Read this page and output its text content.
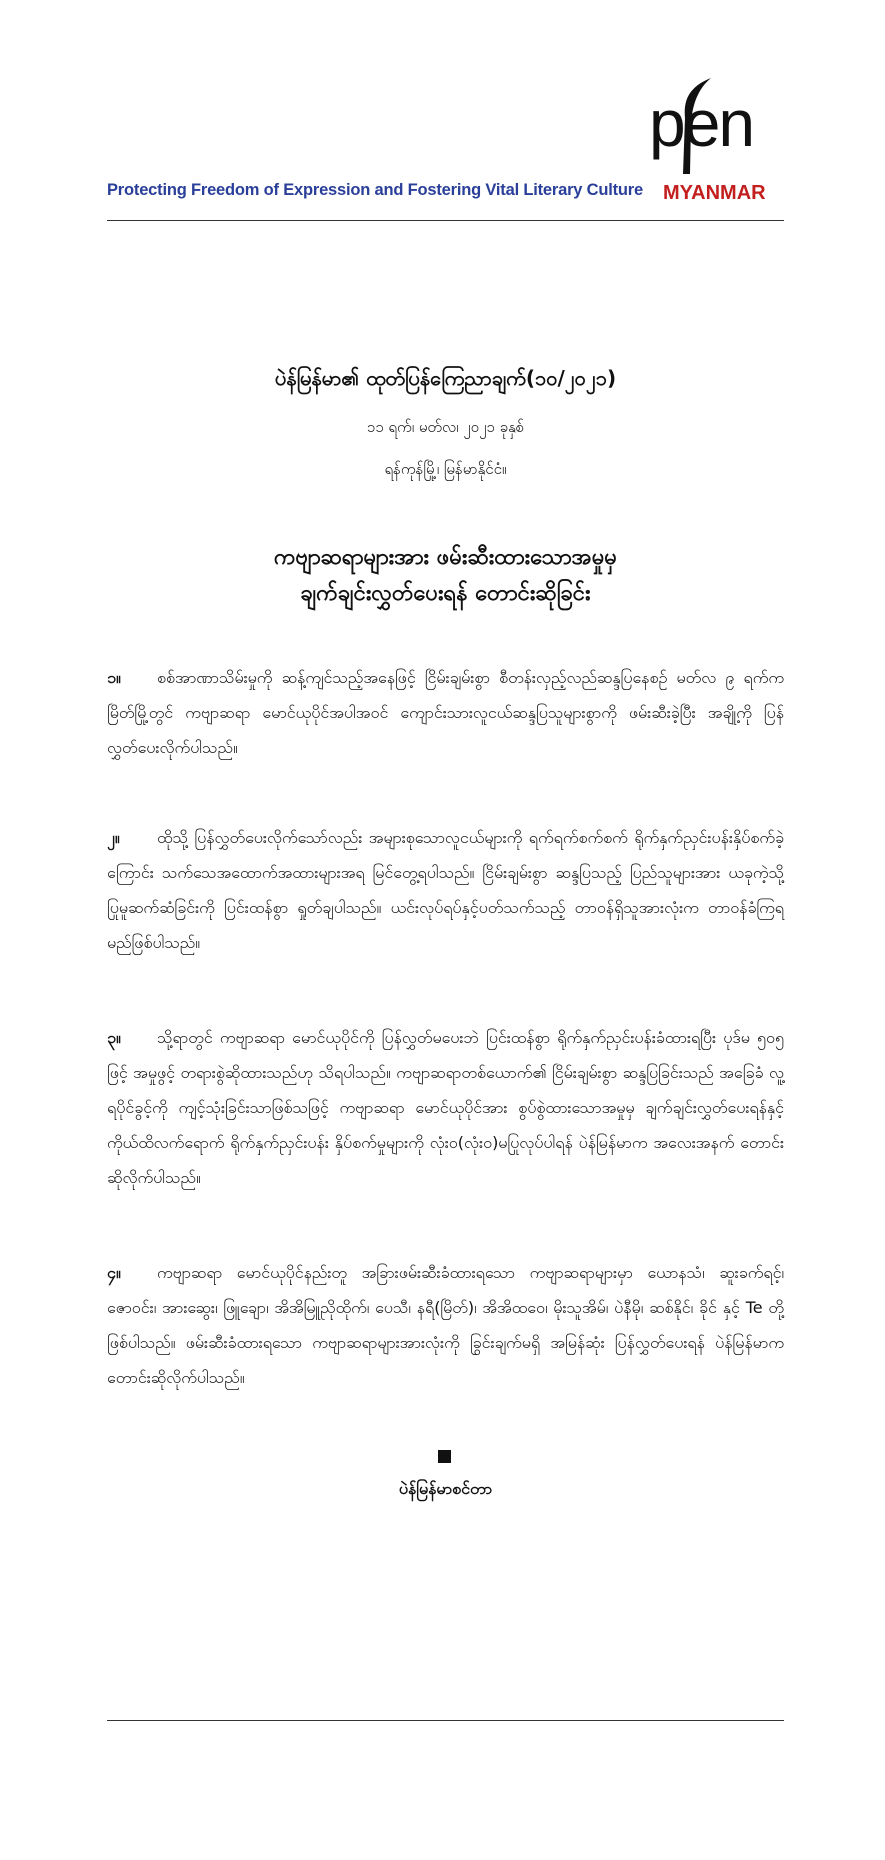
Protecting Freedom of Expression and Fostering Vital Literary Culture
pen
MYANMAR
ပဲန်မြန်မာ၏ ထုတ်ပြန်ကြေညာချက်(၁၀/၂၀၂၁)
၁၁ ရက်၊ မတ်လ၊ ၂၀၂၁ ခုနှစ်
ရန်ကုန်မြို့၊ မြန်မာနိုင်ငံ။
ကဗျာဆရာများအား ဖမ်းဆီးထားသောအမှုမှ
ချက်ချင်းလွှတ်ပေးရန် တောင်းဆိုခြင်း
၁။ စစ်အာဏာသိမ်းမှုကို ဆန့်ကျင်သည့်အနေဖြင့် ငြိမ်းချမ်းစွာ စီတန်းလှည့်လည်ဆန္ဒပြနေစဉ် မတ်လ ၉ ရက်က မြိတ်မြို့တွင် ကဗျာဆရာ မောင်ယုပိုင်အပါအဝင် ကျောင်းသားလူငယ်ဆန္ဒပြသူများစွာကို ဖမ်းဆီးခဲ့ပြီး အချို့ကို ပြန်လွှတ်ပေးလိုက်ပါသည်။
၂။ ထိုသို့ ပြန်လွှတ်ပေးလိုက်သော်လည်း အများစုသောလူငယ်များကို ရက်ရက်စက်စက် ရိုက်နှက်ညှင်းပန်းနှိပ်စက်ခဲ့ကြောင်း သက်သေအထောက်အထားများအရ မြင်တွေ့ရပါသည်။ ငြိမ်းချမ်းစွာ ဆန္ဒပြသည့် ပြည်သူများအား ယခုကဲ့သို့ ပြုမူဆက်ဆံခြင်းကို ပြင်းထန်စွာ ရှုတ်ချပါသည်။ ယင်းလုပ်ရပ်နှင့်ပတ်သက်သည့် တာဝန်ရှိသူအားလုံးက တာဝန်ခံကြရမည်ဖြစ်ပါသည်။
၃။ သို့ရာတွင် ကဗျာဆရာ မောင်ယုပိုင်ကို ပြန်လွှတ်မပေးဘဲ ပြင်းထန်စွာ ရိုက်နှက်ညှင်းပန်းခံထားရပြီး ပုဒ်မ ၅၀၅ ဖြင့် အမှုဖွင့် တရားစွဲဆိုထားသည်ဟု သိရပါသည်။ ကဗျာဆရာတစ်ယောက်၏ ငြိမ်းချမ်းစွာ ဆန္ဒပြခြင်းသည် အခြေခံ လူ့ရပိုင်ခွင့်ကို ကျင့်သုံးခြင်းသာဖြစ်သဖြင့် ကဗျာဆရာ မောင်ယုပိုင်အား စွပ်စွဲထားသောအမှုမှ ချက်ချင်းလွှတ်ပေးရန်နှင့် ကိုယ်ထိလက်ရောက် ရိုက်နှက်ညှင်းပန်း နှိပ်စက်မှုများကို လုံးဝ(လုံးဝ)မပြုလုပ်ပါရန် ပဲန်မြန်မာက အလေးအနက် တောင်းဆိုလိုက်ပါသည်။
၄။ ကဗျာဆရာ မောင်ယုပိုင်နည်းတူ အခြားဖမ်းဆီးခံထားရသော ကဗျာဆရာများမှာ ယောနသံ၊ ဆူးခက်ရင့်၊ ဇော၀င်း၊ အားဆွေး၊ ဖြူချော၊ အိအိမြူညိုထိုက်၊ ပေသီ၊ နရီ(မြိတ်)၊ အိအိထဝေ၊ မိုးသူအိမ်၊ ပဲနီမို၊ ဆစ်နိုင်၊ ခိုင် နှင့် Te တို့ ဖြစ်ပါသည်။ ဖမ်းဆီးခံထားရသော ကဗျာဆရာများအားလုံးကို ခြွင်းချက်မရှိ အမြန်ဆုံး ပြန်လွှတ်ပေးရန် ပဲန်မြန်မာက တောင်းဆိုလိုက်ပါသည်။
ပဲန်မြန်မာစင်တာ
